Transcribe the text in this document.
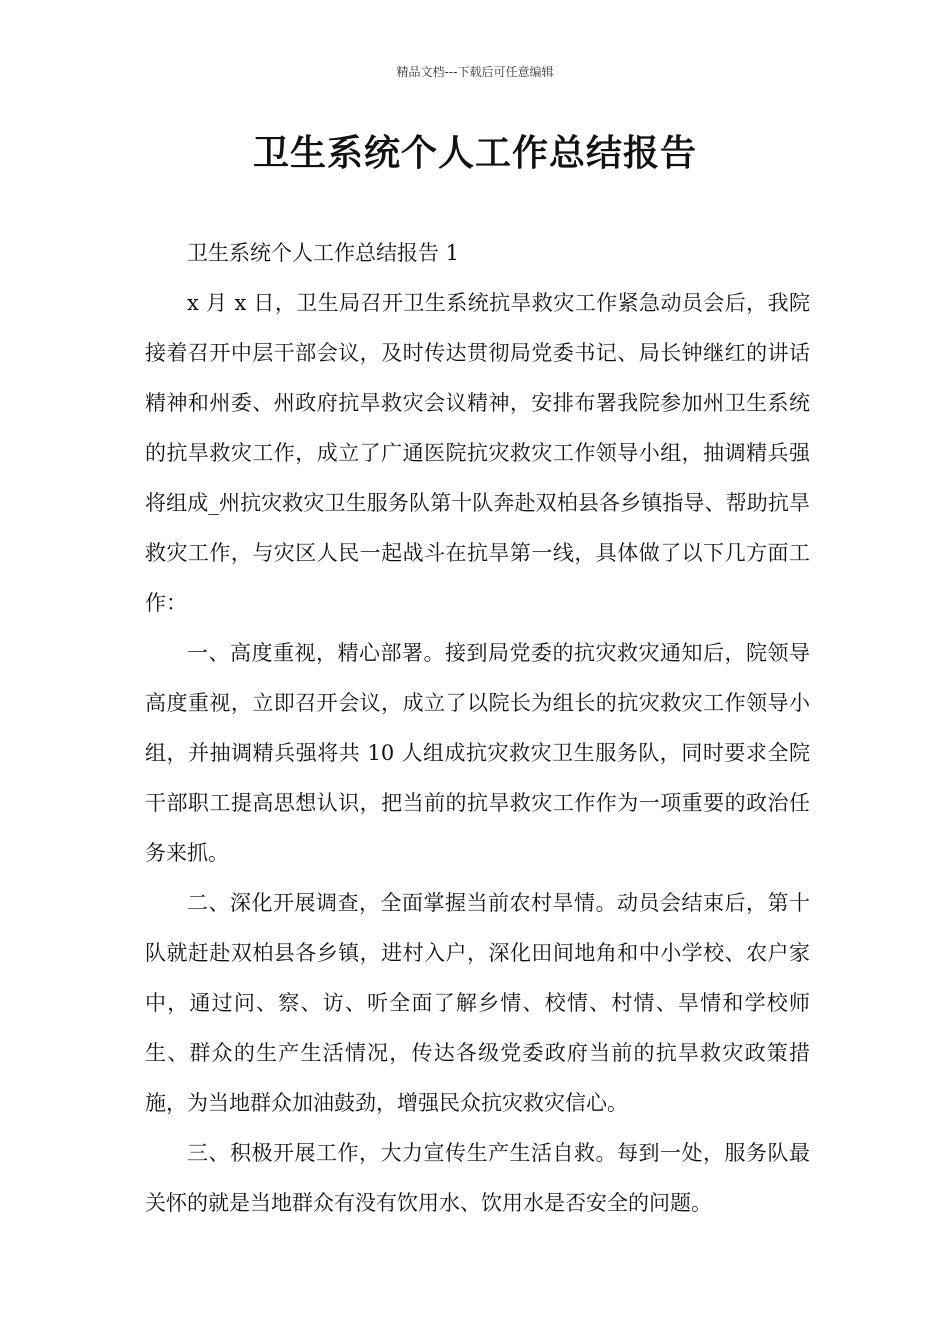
精品文档---下载后可任意编辑
卫生系统个人工作总结报告

卫生系统个人工作总结报告 1

x 月 x 日，卫生局召开卫生系统抗旱救灾工作紧急动员会后，我院接着召开中层干部会议，及时传达贯彻局党委书记、局长钟继红的讲话精神和州委、州政府抗旱救灾会议精神，安排布署我院参加州卫生系统的抗旱救灾工作，成立了广通医院抗灾救灾工作领导小组，抽调精兵强将组成_州抗灾救灾卫生服务队第十队奔赴双柏县各乡镇指导、帮助抗旱救灾工作，与灾区人民一起战斗在抗旱第一线，具体做了以下几方面工作：

一、高度重视，精心部署。接到局党委的抗灾救灾通知后，院领导高度重视，立即召开会议，成立了以院长为组长的抗灾救灾工作领导小组，并抽调精兵强将共 10 人组成抗灾救灾卫生服务队，同时要求全院干部职工提高思想认识，把当前的抗旱救灾工作作为一项重要的政治任务来抓。

二、深化开展调查，全面掌握当前农村旱情。动员会结束后，第十队就赶赴双柏县各乡镇，进村入户，深化田间地角和中小学校、农户家中，通过问、察、访、听全面了解乡情、校情、村情、旱情和学校师生、群众的生产生活情况，传达各级党委政府当前的抗旱救灾政策措施，为当地群众加油鼓劲，增强民众抗灾救灾信心。

三、积极开展工作，大力宣传生产生活自救。每到一处，服务队最关怀的就是当地群众有没有饮用水、饮用水是否安全的问题。
